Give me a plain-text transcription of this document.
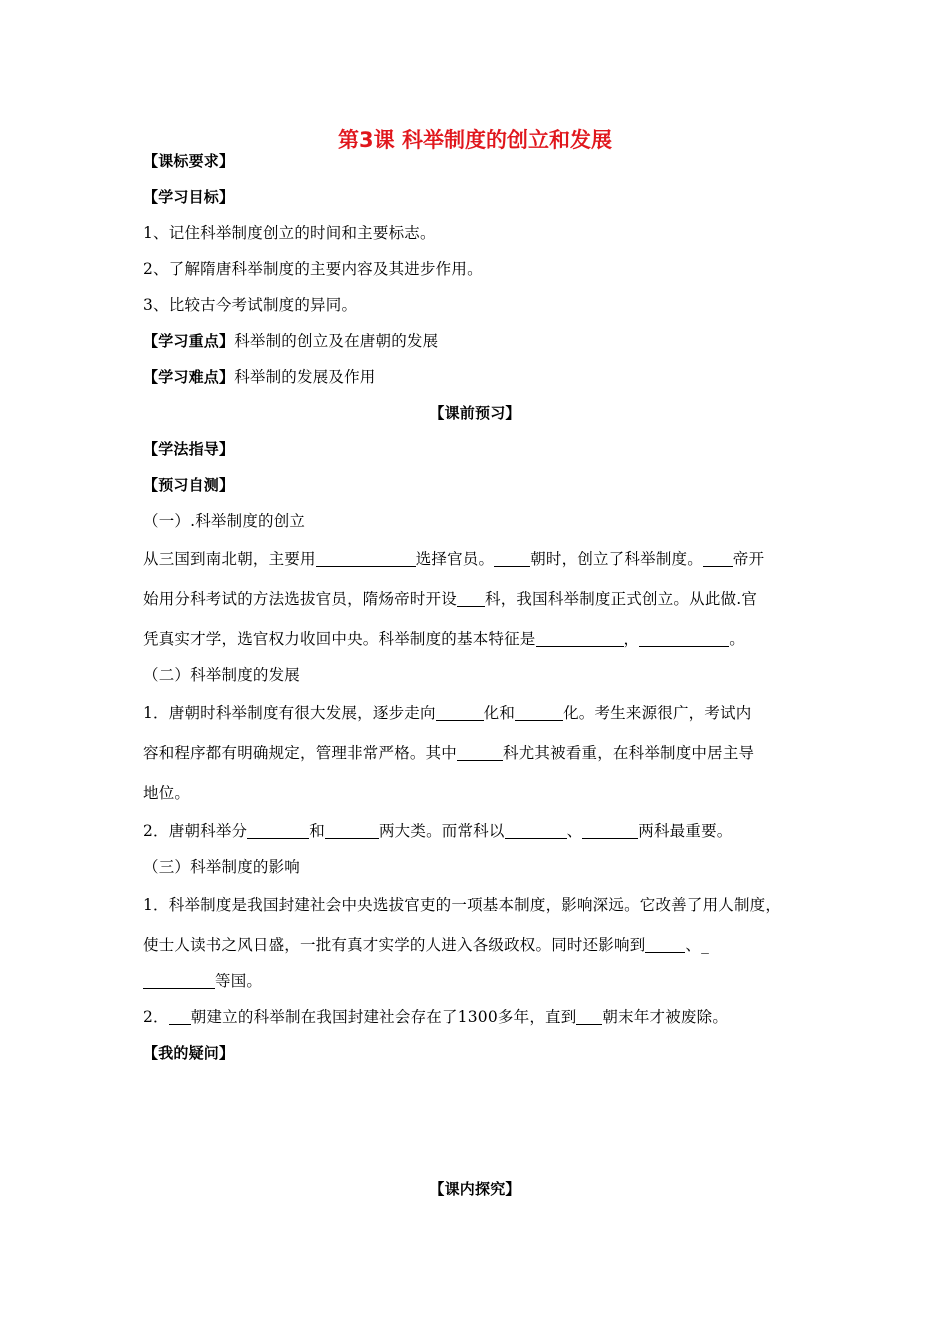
第3课 科举制度的创立和发展
【课标要求】
【学习目标】
1、记住科举制度创立的时间和主要标志。
2、了解隋唐科举制度的主要内容及其进步作用。
3、比较古今考试制度的异同。
【学习重点】科举制的创立及在唐朝的发展
【学习难点】科举制的发展及作用
【课前预习】
【学法指导】
【预习自测】
（一）.科举制度的创立
从三国到南北朝，主要用	选择官员。 朝时，创立了科举制度。 帝开
始用分科考试的方法选拔官员，隋炀帝时开设 科，我国科举制度正式创立。从此做.官
凭真实才学，选官权力收回中央。科举制度的基本特征是	，	。
（二）科举制度的发展
1．唐朝时科举制度有很大发展，逐步走向	化和	化。考生来源很广，考试内
容和程序都有明确规定，管理非常严格。其中	科尤其被看重，在科举制度中居主导
地位。
2．唐朝科举分	和	两大类。而常科以	、	两科最重要。
（三）科举制度的影响
1．科举制度是我国封建社会中央选拔官吏的一项基本制度，影响深远。它改善了用人制度，
使士人读书之风日盛，一批有真才实学的人进入各级政权。同时还影响到	、_
等国。
2． 朝建立的科举制在我国封建社会存在了1300多年，直到 朝末年才被废除。
【我的疑问】
【课内探究】
